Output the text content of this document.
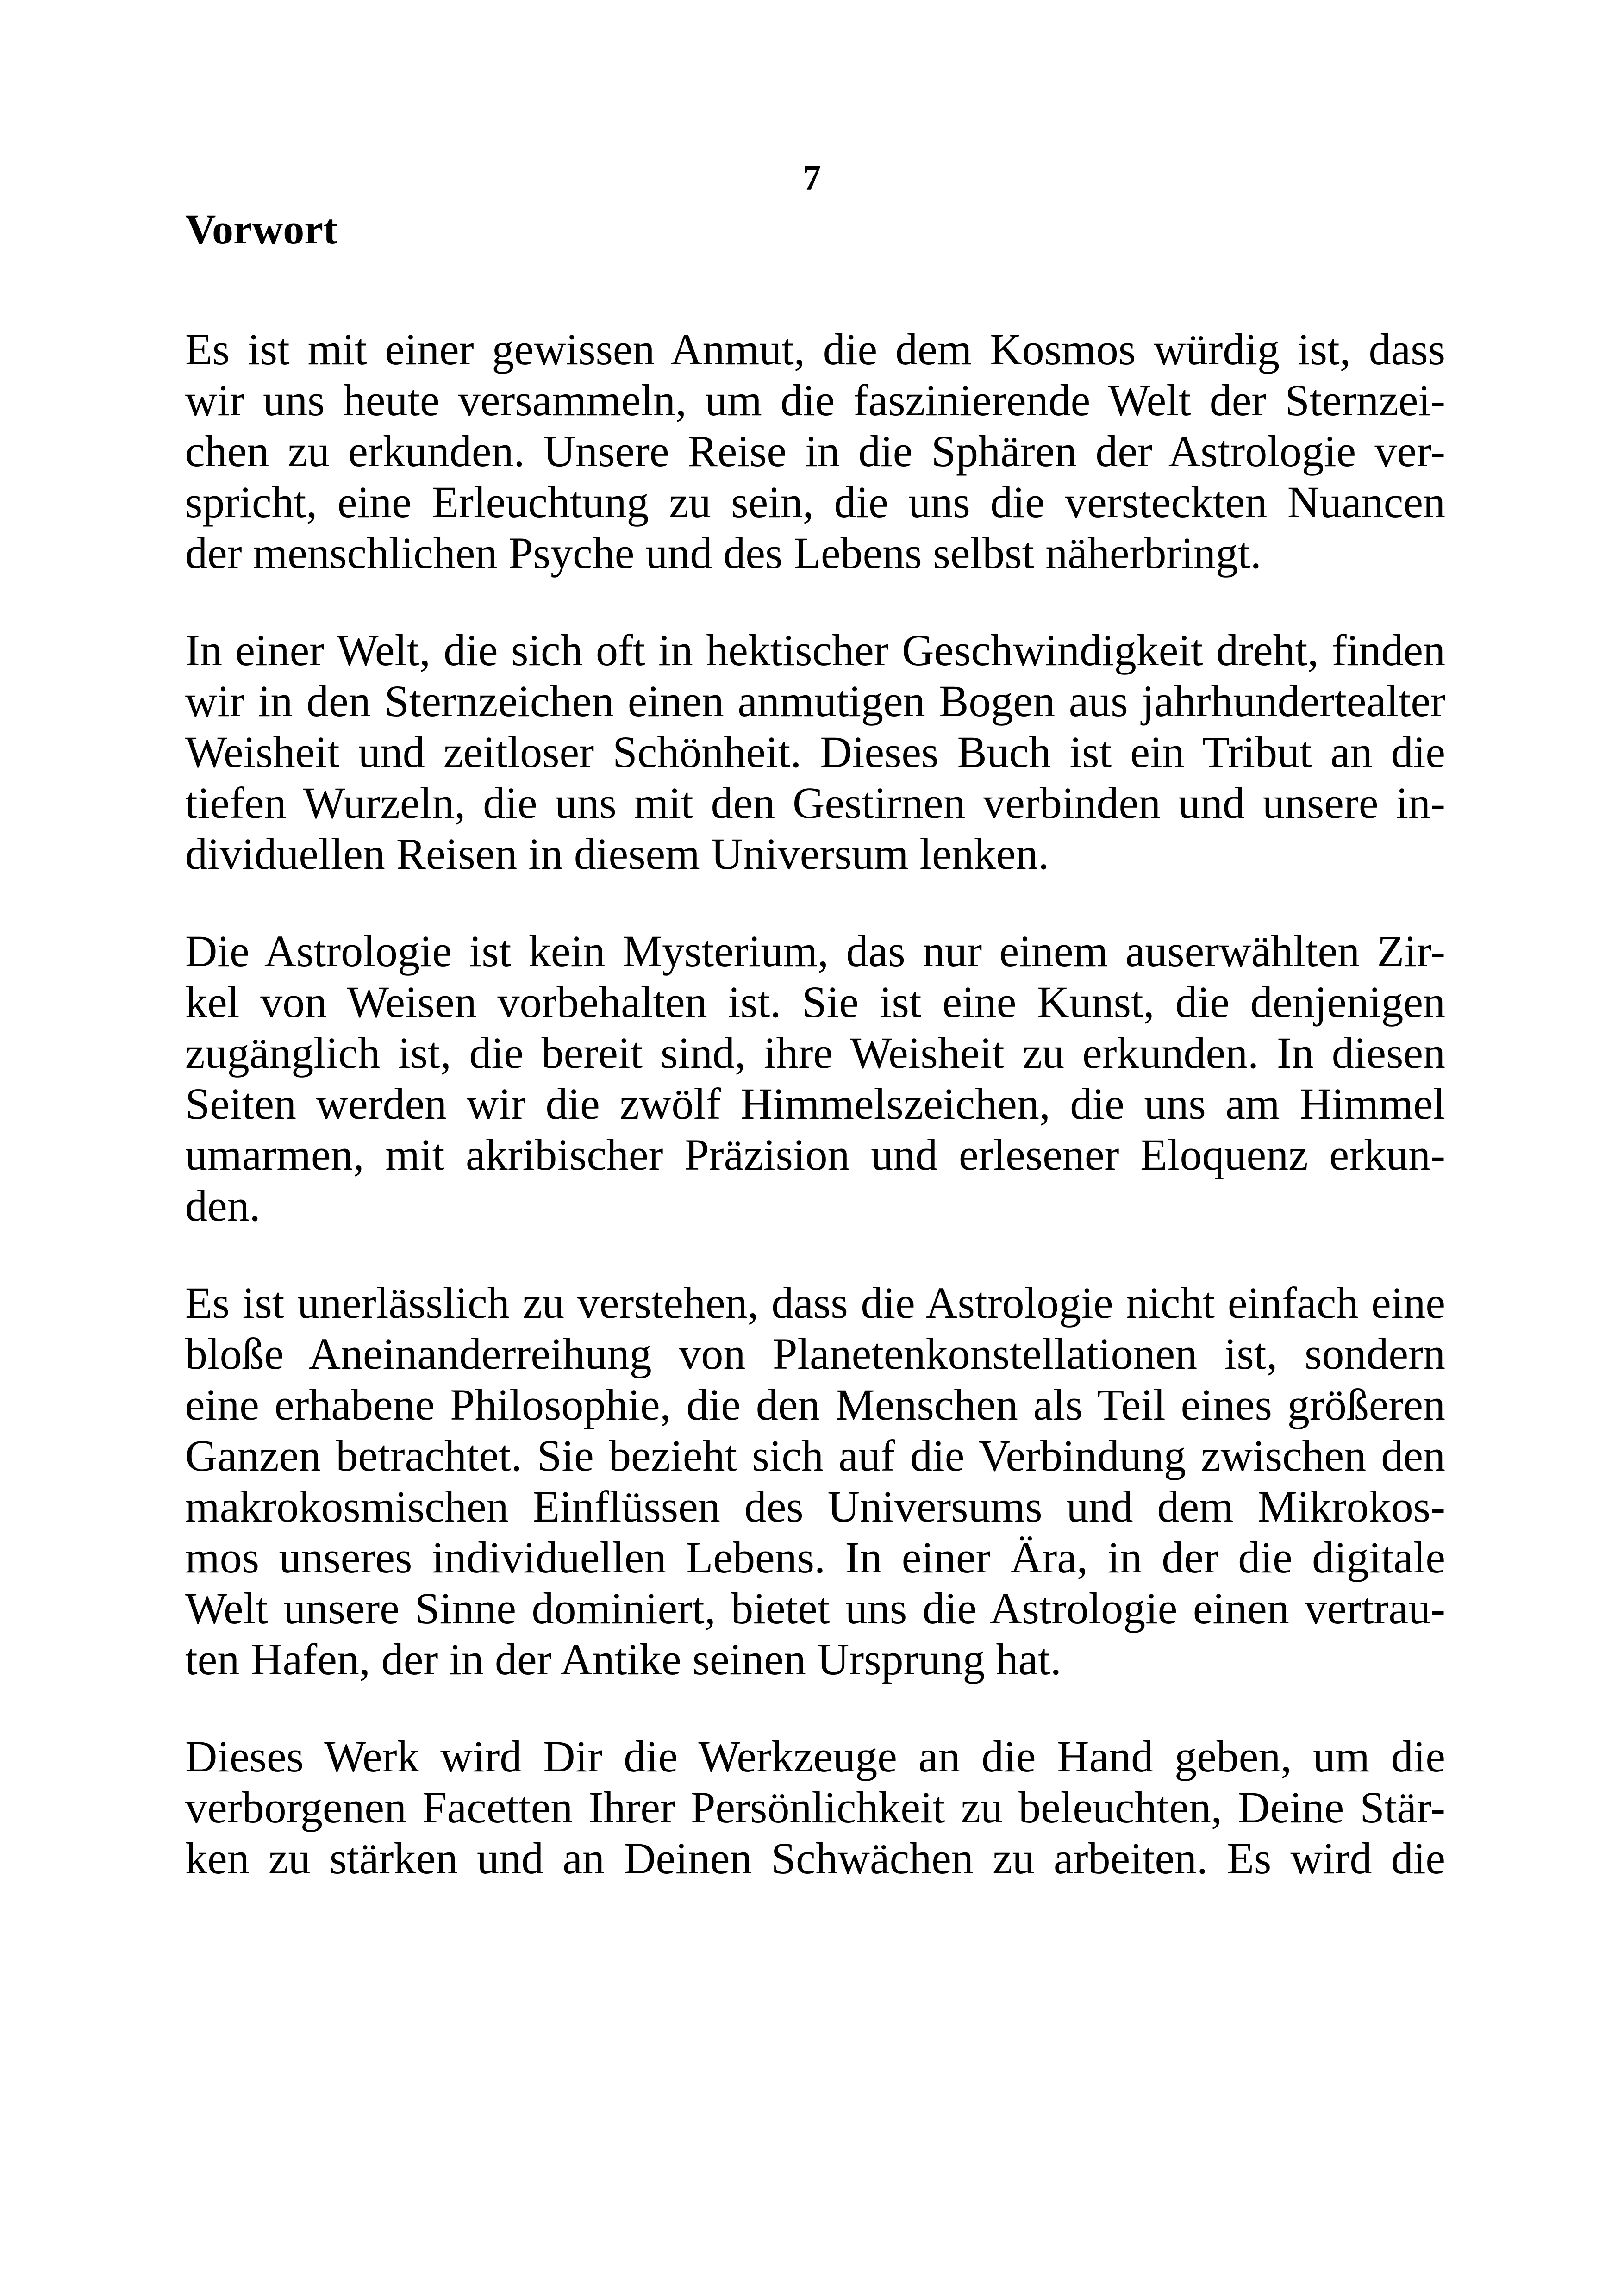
7
Vorwort

Es ist mit einer gewissen Anmut, die dem Kosmos würdig ist, dass
wir uns heute versammeln, um die faszinierende Welt der Sternzei-
chen zu erkunden. Unsere Reise in die Sphären der Astrologie ver-
spricht, eine Erleuchtung zu sein, die uns die versteckten Nuancen
der menschlichen Psyche und des Lebens selbst näherbringt.

In einer Welt, die sich oft in hektischer Geschwindigkeit dreht, finden
wir in den Sternzeichen einen anmutigen Bogen aus jahrhundertealter
Weisheit und zeitloser Schönheit. Dieses Buch ist ein Tribut an die
tiefen Wurzeln, die uns mit den Gestirnen verbinden und unsere in-
dividuellen Reisen in diesem Universum lenken.

Die Astrologie ist kein Mysterium, das nur einem auserwählten Zir-
kel von Weisen vorbehalten ist. Sie ist eine Kunst, die denjenigen
zugänglich ist, die bereit sind, ihre Weisheit zu erkunden. In diesen
Seiten werden wir die zwölf Himmelszeichen, die uns am Himmel
umarmen, mit akribischer Präzision und erlesener Eloquenz erkun-
den.

Es ist unerlässlich zu verstehen, dass die Astrologie nicht einfach eine
bloße Aneinanderreihung von Planetenkonstellationen ist, sondern
eine erhabene Philosophie, die den Menschen als Teil eines größeren
Ganzen betrachtet. Sie bezieht sich auf die Verbindung zwischen den
makrokosmischen Einflüssen des Universums und dem Mikrokos-
mos unseres individuellen Lebens. In einer Ära, in der die digitale
Welt unsere Sinne dominiert, bietet uns die Astrologie einen vertrau-
ten Hafen, der in der Antike seinen Ursprung hat.

Dieses Werk wird Dir die Werkzeuge an die Hand geben, um die
verborgenen Facetten Ihrer Persönlichkeit zu beleuchten, Deine Stär-
ken zu stärken und an Deinen Schwächen zu arbeiten. Es wird die
